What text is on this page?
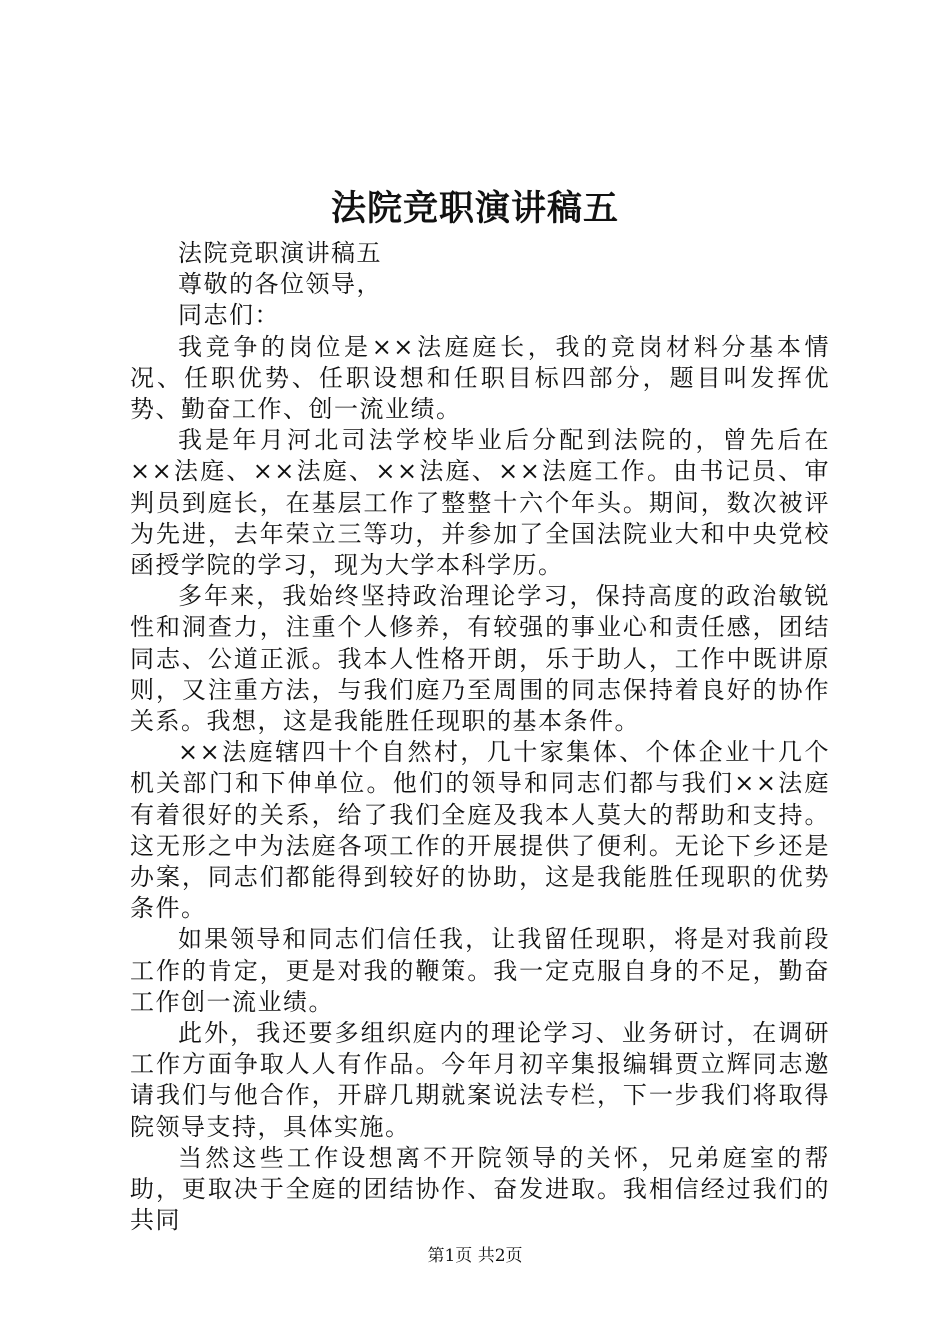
法院竞职演讲稿五

法院竞职演讲稿五

尊敬的各位领导，

同志们：

我竞争的岗位是××法庭庭长，我的竞岗材料分基本情况、任职优势、任职设想和任职目标四部分，题目叫发挥优势、勤奋工作、创一流业绩。

我是年月河北司法学校毕业后分配到法院的，曾先后在××法庭、××法庭、××法庭、××法庭工作。由书记员、审判员到庭长，在基层工作了整整十六个年头。期间，数次被评为先进，去年荣立三等功，并参加了全国法院业大和中央党校函授学院的学习，现为大学本科学历。

多年来，我始终坚持政治理论学习，保持高度的政治敏锐性和洞查力，注重个人修养，有较强的事业心和责任感，团结同志、公道正派。我本人性格开朗，乐于助人，工作中既讲原则，又注重方法，与我们庭乃至周围的同志保持着良好的协作关系。我想，这是我能胜任现职的基本条件。

××法庭辖四十个自然村，几十家集体、个体企业十几个机关部门和下伸单位。他们的领导和同志们都与我们××法庭有着很好的关系，给了我们全庭及我本人莫大的帮助和支持。这无形之中为法庭各项工作的开展提供了便利。无论下乡还是办案，同志们都能得到较好的协助，这是我能胜任现职的优势条件。

如果领导和同志们信任我，让我留任现职，将是对我前段工作的肯定，更是对我的鞭策。我一定克服自身的不足，勤奋工作创一流业绩。

此外，我还要多组织庭内的理论学习、业务研讨，在调研工作方面争取人人有作品。今年月初辛集报编辑贾立辉同志邀请我们与他合作，开辟几期就案说法专栏，下一步我们将取得院领导支持，具体实施。

当然这些工作设想离不开院领导的关怀，兄弟庭室的帮助，更取决于全庭的团结协作、奋发进取。我相信经过我们的共同

第1页 共2页
